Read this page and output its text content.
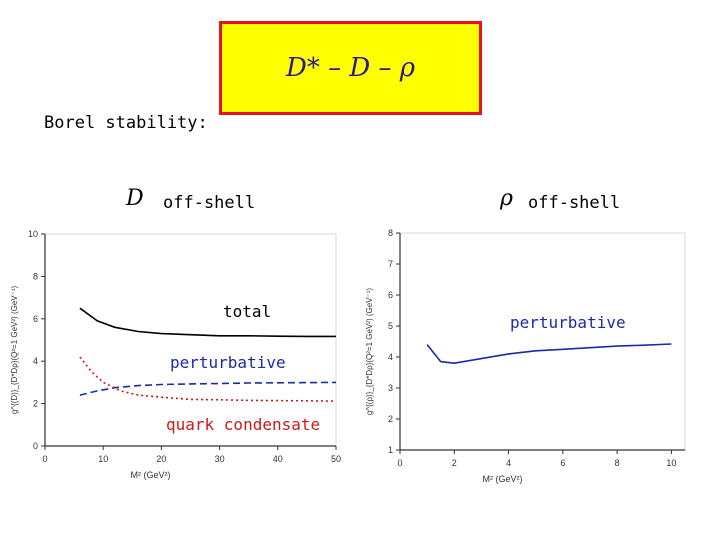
D* – D – ρ
Borel stability:
D off-shell	ρ off-shell
0	10	20	30	40	50
0
2
4
6
8
10
M² (GeV²)
g^{(D)}_{D*Dρ}(Q²=1 GeV²) (GeV⁻¹)
0	2	4	6	8	10
1
2
3
4
5
6
7
8
M² (GeV²)
g^{(ρ)}_{D*Dρ}(Q²=1 GeV²) (GeV⁻¹)
total
perturbative
quark condensate
perturbative
